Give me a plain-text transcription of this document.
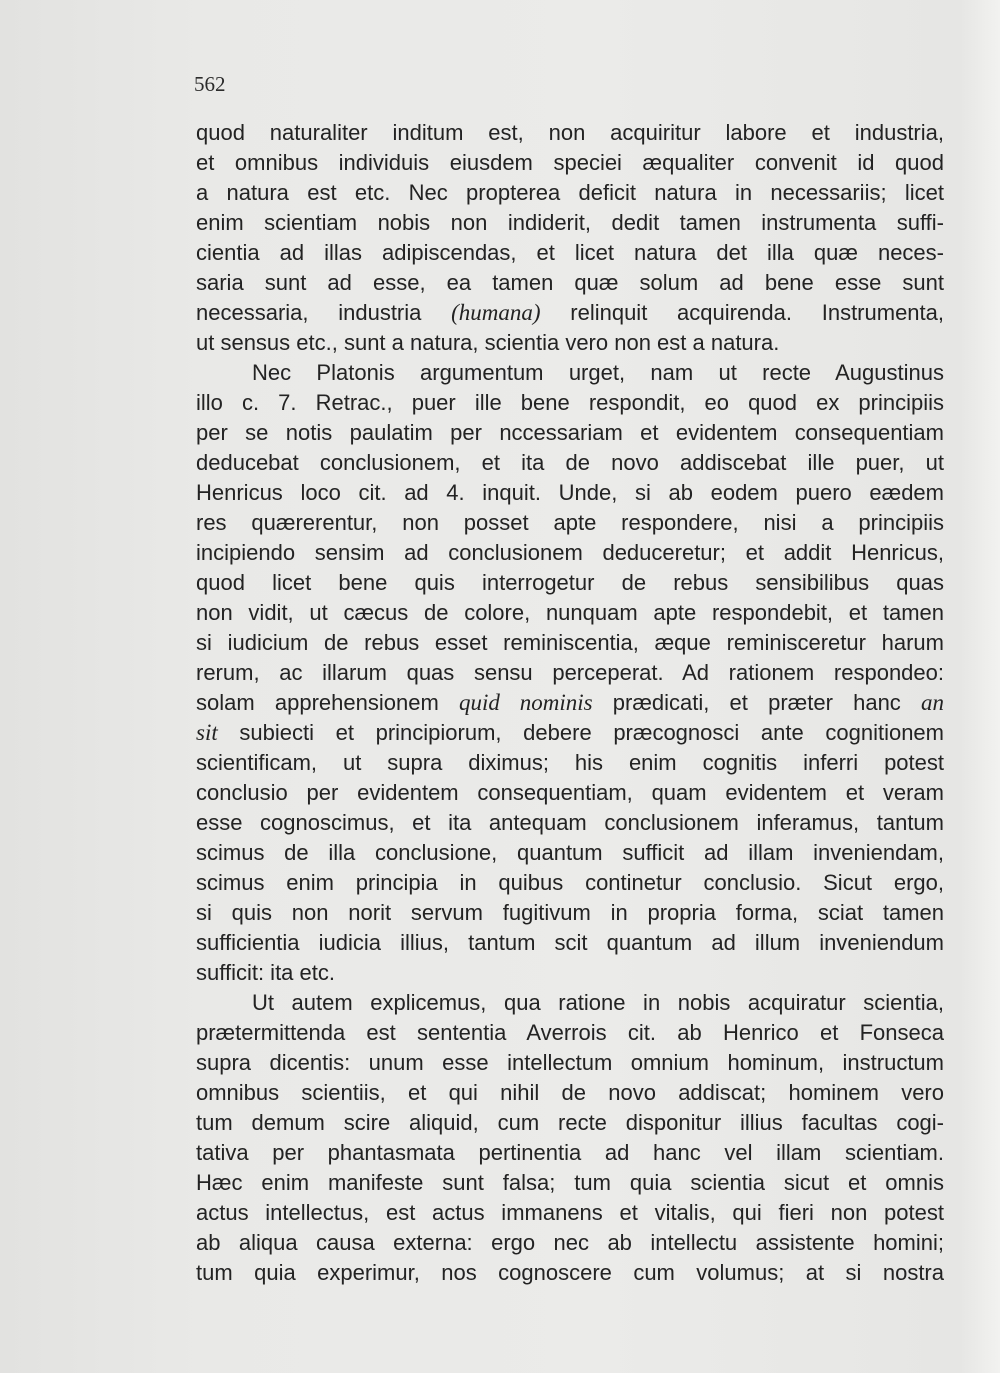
562
quod naturaliter inditum est, non acquiritur labore et industria,
et omnibus individuis eiusdem speciei æqualiter convenit id quod
a natura est etc. Nec propterea deficit natura in necessariis; licet
enim scientiam nobis non indiderit, dedit tamen instrumenta suffi-
cientia ad illas adipiscendas, et licet natura det illa quæ neces-
saria sunt ad esse, ea tamen quæ solum ad bene esse sunt
necessaria, industria (humana) relinquit acquirenda. Instrumenta,
ut sensus etc., sunt a natura, scientia vero non est a natura.
Nec Platonis argumentum urget, nam ut recte Augustinus
illo c. 7. Retrac., puer ille bene respondit, eo quod ex principiis
per se notis paulatim per nccessariam et evidentem consequentiam
deducebat conclusionem, et ita de novo addiscebat ille puer, ut
Henricus loco cit. ad 4. inquit. Unde, si ab eodem puero eædem
res quærerentur, non posset apte respondere, nisi a principiis
incipiendo sensim ad conclusionem deduceretur; et addit Henricus,
quod licet bene quis interrogetur de rebus sensibilibus quas
non vidit, ut cæcus de colore, nunquam apte respondebit, et tamen
si iudicium de rebus esset reminiscentia, æque reminisceretur harum
rerum, ac illarum quas sensu perceperat. Ad rationem respondeo:
solam apprehensionem quid nominis prædicati, et præter hanc an
sit subiecti et principiorum, debere præcognosci ante cognitionem
scientificam, ut supra diximus; his enim cognitis inferri potest
conclusio per evidentem consequentiam, quam evidentem et veram
esse cognoscimus, et ita antequam conclusionem inferamus, tantum
scimus de illa conclusione, quantum sufficit ad illam inveniendam,
scimus enim principia in quibus continetur conclusio. Sicut ergo,
si quis non norit servum fugitivum in propria forma, sciat tamen
sufficientia iudicia illius, tantum scit quantum ad illum inveniendum
sufficit: ita etc.
Ut autem explicemus, qua ratione in nobis acquiratur scientia,
prætermittenda est sententia Averrois cit. ab Henrico et Fonseca
supra dicentis: unum esse intellectum omnium hominum, instructum
omnibus scientiis, et qui nihil de novo addiscat; hominem vero
tum demum scire aliquid, cum recte disponitur illius facultas cogi-
tativa per phantasmata pertinentia ad hanc vel illam scientiam.
Hæc enim manifeste sunt falsa; tum quia scientia sicut et omnis
actus intellectus, est actus immanens et vitalis, qui fieri non potest
ab aliqua causa externa: ergo nec ab intellectu assistente homini;
tum quia experimur, nos cognoscere cum volumus; at si nostra
